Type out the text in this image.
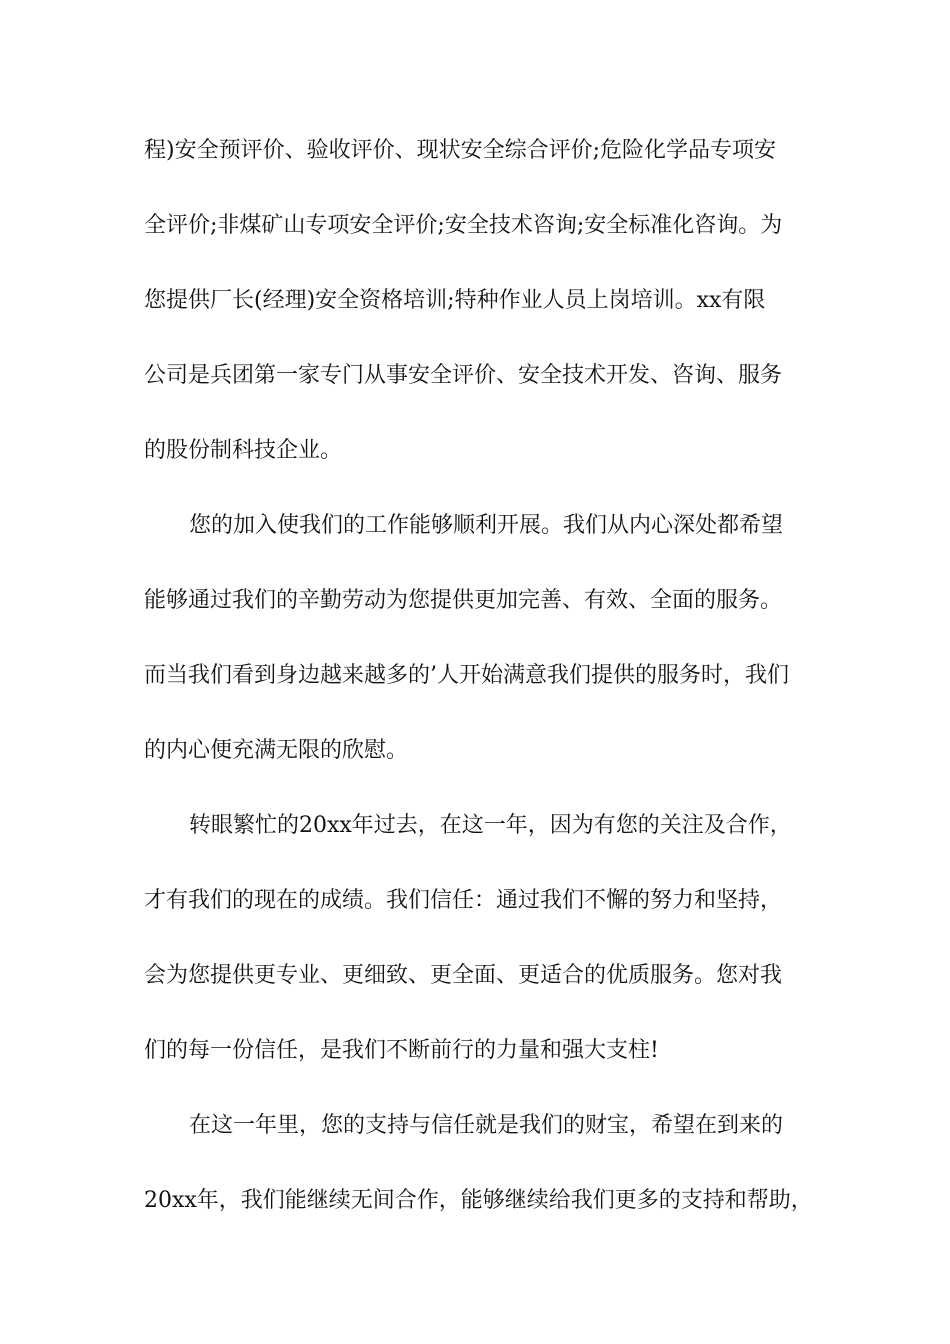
程)安全预评价、验收评价、现状安全综合评价;危险化学品专项安
全评价;非煤矿山专项安全评价;安全技术咨询;安全标准化咨询。为
您提供厂长(经理)安全资格培训;特种作业人员上岗培训。xx有限
公司是兵团第一家专门从事安全评价、安全技术开发、咨询、服务
的股份制科技企业。
您的加入使我们的工作能够顺利开展。我们从内心深处都希望
能够通过我们的辛勤劳动为您提供更加完善、有效、全面的服务。
而当我们看到身边越来越多的’人开始满意我们提供的服务时，我们
的内心便充满无限的欣慰。
转眼繁忙的20xx年过去，在这一年，因为有您的关注及合作，
才有我们的现在的成绩。我们信任：通过我们不懈的努力和坚持，
会为您提供更专业、更细致、更全面、更适合的优质服务。您对我
们的每一份信任，是我们不断前行的力量和强大支柱!
在这一年里，您的支持与信任就是我们的财宝，希望在到来的
20xx年，我们能继续无间合作，能够继续给我们更多的支持和帮助，
